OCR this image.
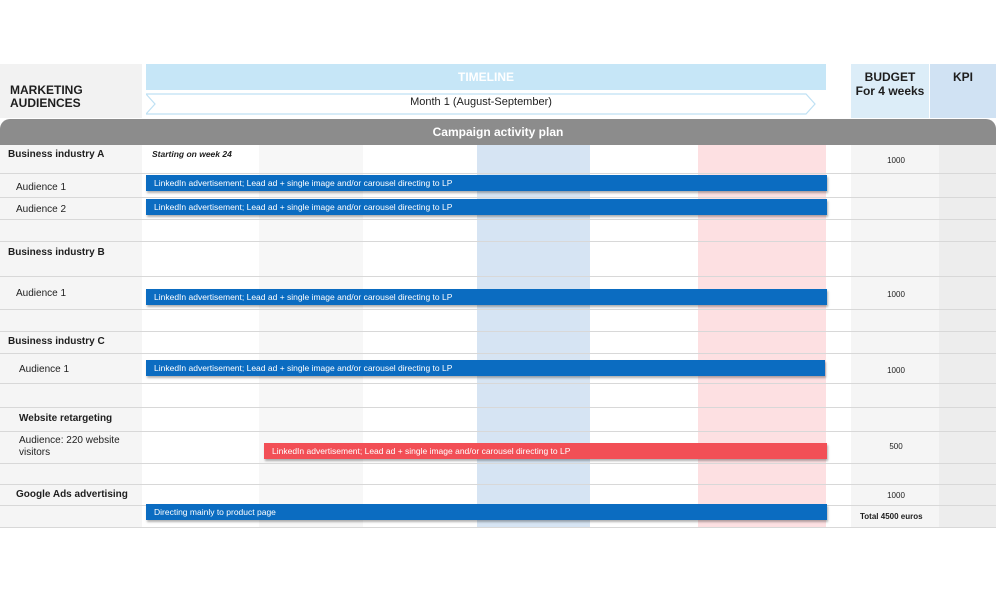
MARKETING
AUDIENCES
TIMELINE
Month 1 (August-September)
BUDGET
For 4 weeks
KPI
Campaign activity plan
Business industry A
Audience 1
Audience 2
Business industry B
Audience 1
Business industry C
Audience 1
Website retargeting
Audience: 220 website
visitors
Google Ads advertising
Starting on week 24
LinkedIn advertisement; Lead ad + single image and/or carousel directing to LP
LinkedIn advertisement; Lead ad + single image and/or carousel directing to LP
LinkedIn advertisement; Lead ad + single image and/or carousel directing to LP
LinkedIn advertisement; Lead ad + single image and/or carousel directing to LP
LinkedIn advertisement; Lead ad + single image and/or carousel directing to LP
Directing mainly to product page
1000
1000
1000
500
1000
Total 4500 euros
